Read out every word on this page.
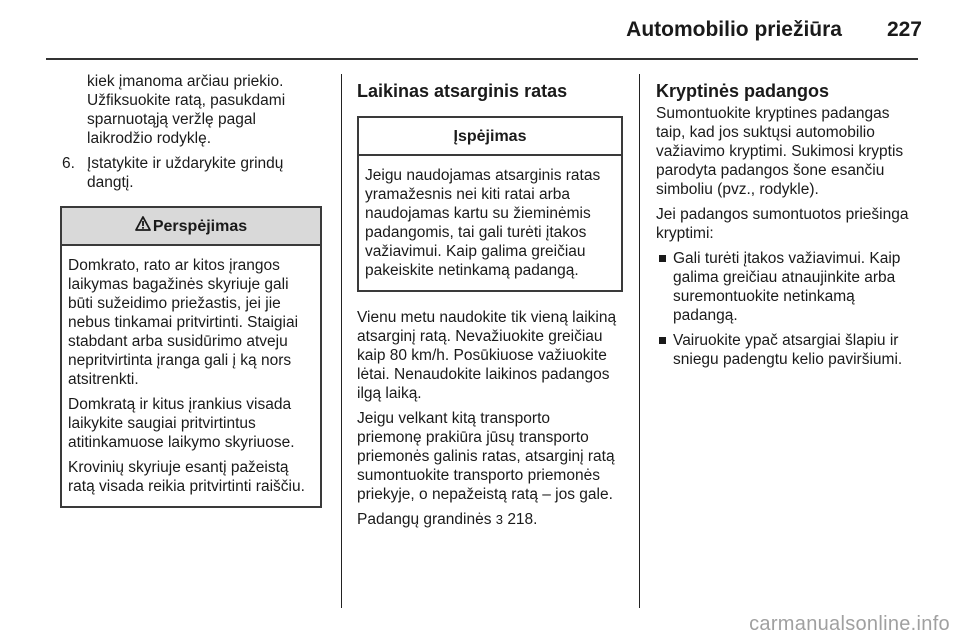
Automobilio priežiūra 227

kiek įmanoma arčiau priekio.
Užfiksuokite ratą, pasukdami
sparnuotąją veržlę pagal
laikrodžio rodyklę.

6. Įstatykite ir uždarykite grindų
dangtį.
Perspėjimas

Domkrato, rato ar kitos įrangos
laikymas bagažinės skyriuje gali
būti sužeidimo priežastis, jei jie
nebus tinkamai pritvirtinti. Staigiai
stabdant arba susidūrimo atveju
nepritvirtinta įranga gali į ką nors
atsitrenkti.

Domkratą ir kitus įrankius visada
laikykite saugiai pritvirtintus
atitinkamuose laikymo skyriuose.

Krovinių skyriuje esantį pažeistą
ratą visada reikia pritvirtinti raiščiu.

Laikinas atsarginis ratas
Įspėjimas

Jeigu naudojamas atsarginis ratas
yramažesnis nei kiti ratai arba
naudojamas kartu su žieminėmis
padangomis, tai gali turėti įtakos
važiavimui. Kaip galima greičiau
pakeiskite netinkamą padangą.

Vienu metu naudokite tik vieną laikiną
atsarginį ratą. Nevažiuokite greičiau
kaip 80 km/h. Posūkiuose važiuokite
lėtai. Nenaudokite laikinos padangos
ilgą laiką.

Jeigu velkant kitą transporto
priemonę prakiūra jūsų transporto
priemonės galinis ratas, atsarginį ratą
sumontuokite transporto priemonės
priekyje, o nepažeistą ratą – jos gale.

Padangų grandinės 3 218.

Kryptinės padangos

Sumontuokite kryptines padangas
taip, kad jos suktųsi automobilio
važiavimo kryptimi. Sukimosi kryptis
parodyta padangos šone esančiu
simboliu (pvz., rodykle).

Jei padangos sumontuotos priešinga
kryptimi:

Gali turėti įtakos važiavimui. Kaip
galima greičiau atnaujinkite arba
suremontuokite netinkamą
padangą.
Vairuokite ypač atsargiai šlapiu ir
sniegu padengtu kelio paviršiumi.
carmanualsonline.info
